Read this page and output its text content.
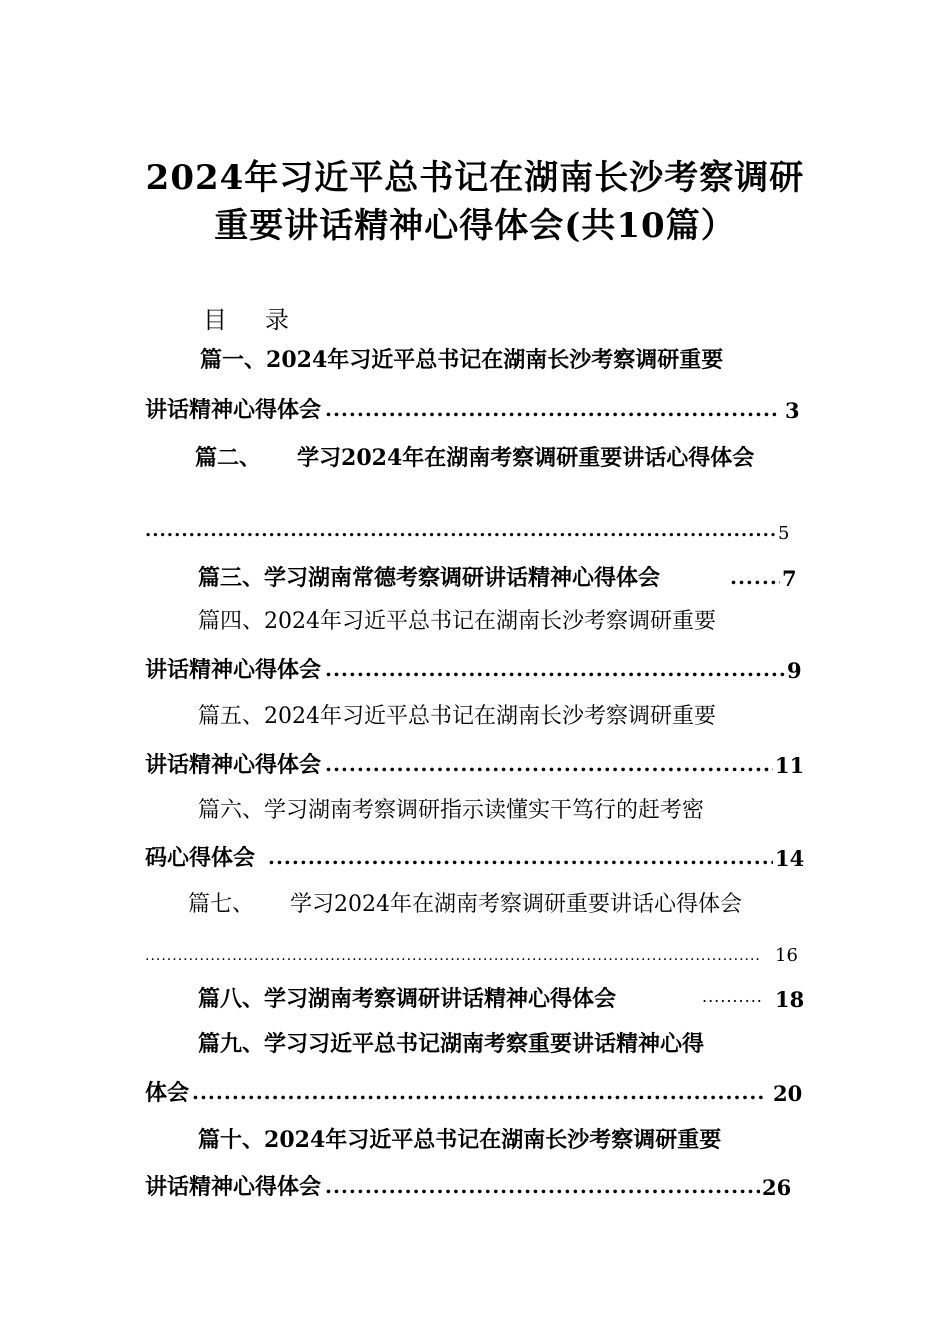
2024年习近平总书记在湖南长沙考察调研
重要讲话精神心得体会(共10篇）
目 录
篇一、2024年习近平总书记在湖南长沙考察调研重要
讲话精神心得体会 .....	3
篇二、 学习2024年在湖南考察调研重要讲话心得体会
.....
5
篇三、学习湖南常德考察调研讲话精神心得体会 .....	7
篇四、2024年习近平总书记在湖南长沙考察调研重要
讲话精神心得体会 .....	9
篇五、2024年习近平总书记在湖南长沙考察调研重要
讲话精神心得体会 .....	11
篇六、学习湖南考察调研指示读懂实干笃行的赶考密
码心得体会 .....	14
篇七、 学习2024年在湖南考察调研重要讲话心得体会
.....
16
篇八、学习湖南考察调研讲话精神心得体会 .....	18
篇九、学习习近平总书记湖南考察重要讲话精神心得
体会 .....	20
篇十、2024年习近平总书记在湖南长沙考察调研重要
讲话精神心得体会 .....	26
